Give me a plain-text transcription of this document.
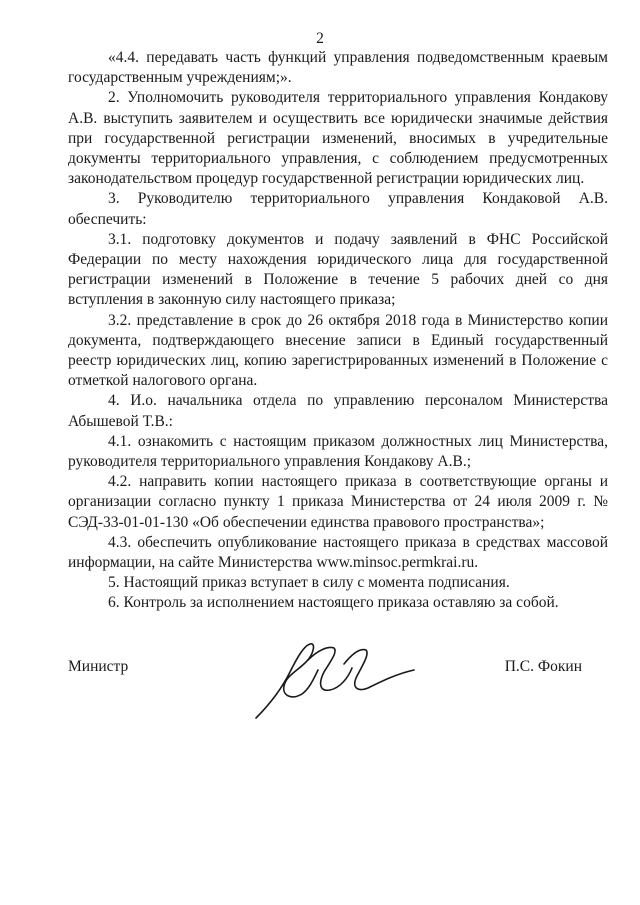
2

«4.4. передавать часть функций управления подведомственным краевым государственным учреждениям;».

2. Уполномочить руководителя территориального управления Кондакову А.В. выступить заявителем и осуществить все юридически значимые действия при государственной регистрации изменений, вносимых в учредительные документы территориального управления, с соблюдением предусмотренных законодательством процедур государственной регистрации юридических лиц.

3. Руководителю территориального управления Кондаковой А.В. обеспечить:

3.1. подготовку документов и подачу заявлений в ФНС Российской Федерации по месту нахождения юридического лица для государственной регистрации изменений в Положение в течение 5 рабочих дней со дня вступления в законную силу настоящего приказа;

3.2. представление в срок до 26 октября 2018 года в Министерство копии документа, подтверждающего внесение записи в Единый государственный реестр юридических лиц, копию зарегистрированных изменений в Положение с отметкой налогового органа.

4. И.о. начальника отдела по управлению персоналом Министерства Абышевой Т.В.:

4.1. ознакомить с настоящим приказом должностных лиц Министерства, руководителя территориального управления Кондакову А.В.;

4.2. направить копии настоящего приказа в соответствующие органы и организации согласно пункту 1 приказа Министерства от 24 июля 2009 г. № СЭД-33-01-01-130 «Об обеспечении единства правового пространства»;

4.3. обеспечить опубликование настоящего приказа в средствах массовой информации, на сайте Министерства www.minsoc.permkrai.ru.

5. Настоящий приказ вступает в силу с момента подписания.

6. Контроль за исполнением настоящего приказа оставляю за собой.

Министр	П.С. Фокин
